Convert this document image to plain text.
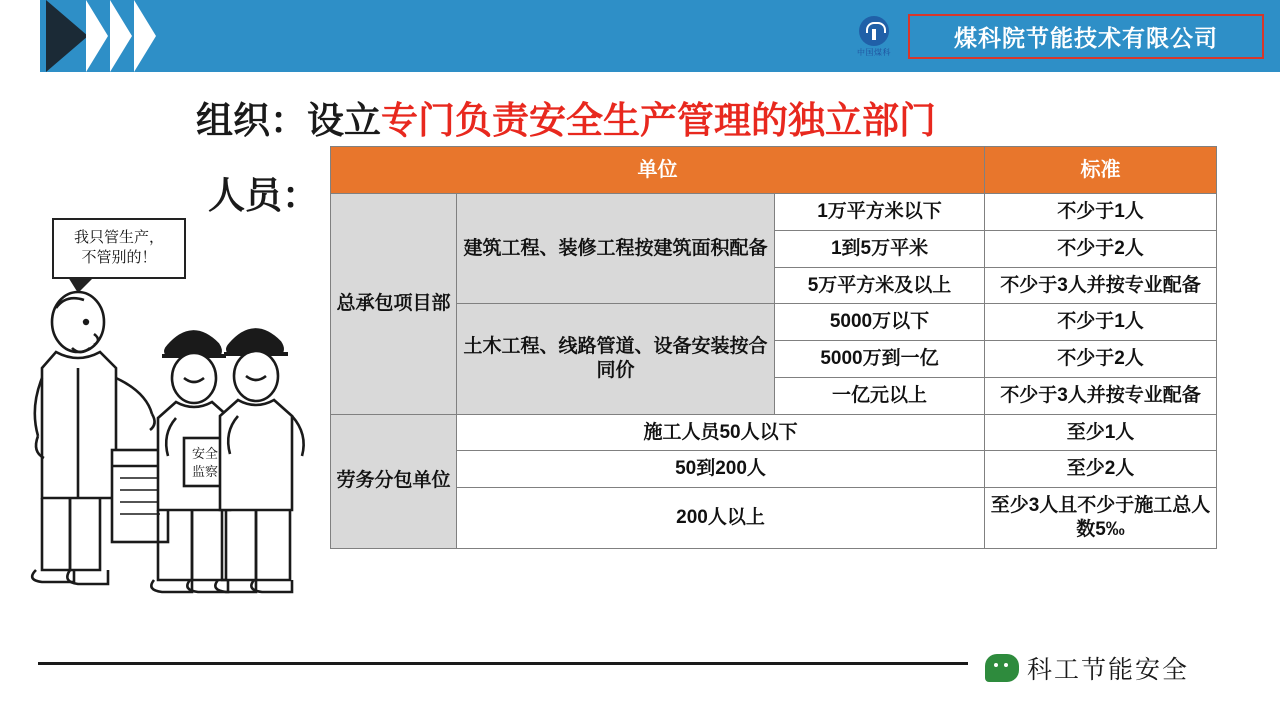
中国煤科
煤科院节能技术有限公司
组织：设立专门负责安全生产管理的独立部门
人员：
我只管生产，
不管别的！
安全
监察
单位			标准
总承包项目部	建筑工程、装修工程按建筑面积配备	1万平方米以下	不少于1人
		1到5万平米	不少于2人
		5万平方米及以上	不少于3人并按专业配备
	土木工程、线路管道、设备安装按合同价	5000万以下	不少于1人
		5000万到一亿	不少于2人
		一亿元以上	不少于3人并按专业配备
劳务分包单位	施工人员50人以下		至少1人
	50到200人		至少2人
	200人以上		至少3人且不少于施工总人数5‰
科工节能安全
